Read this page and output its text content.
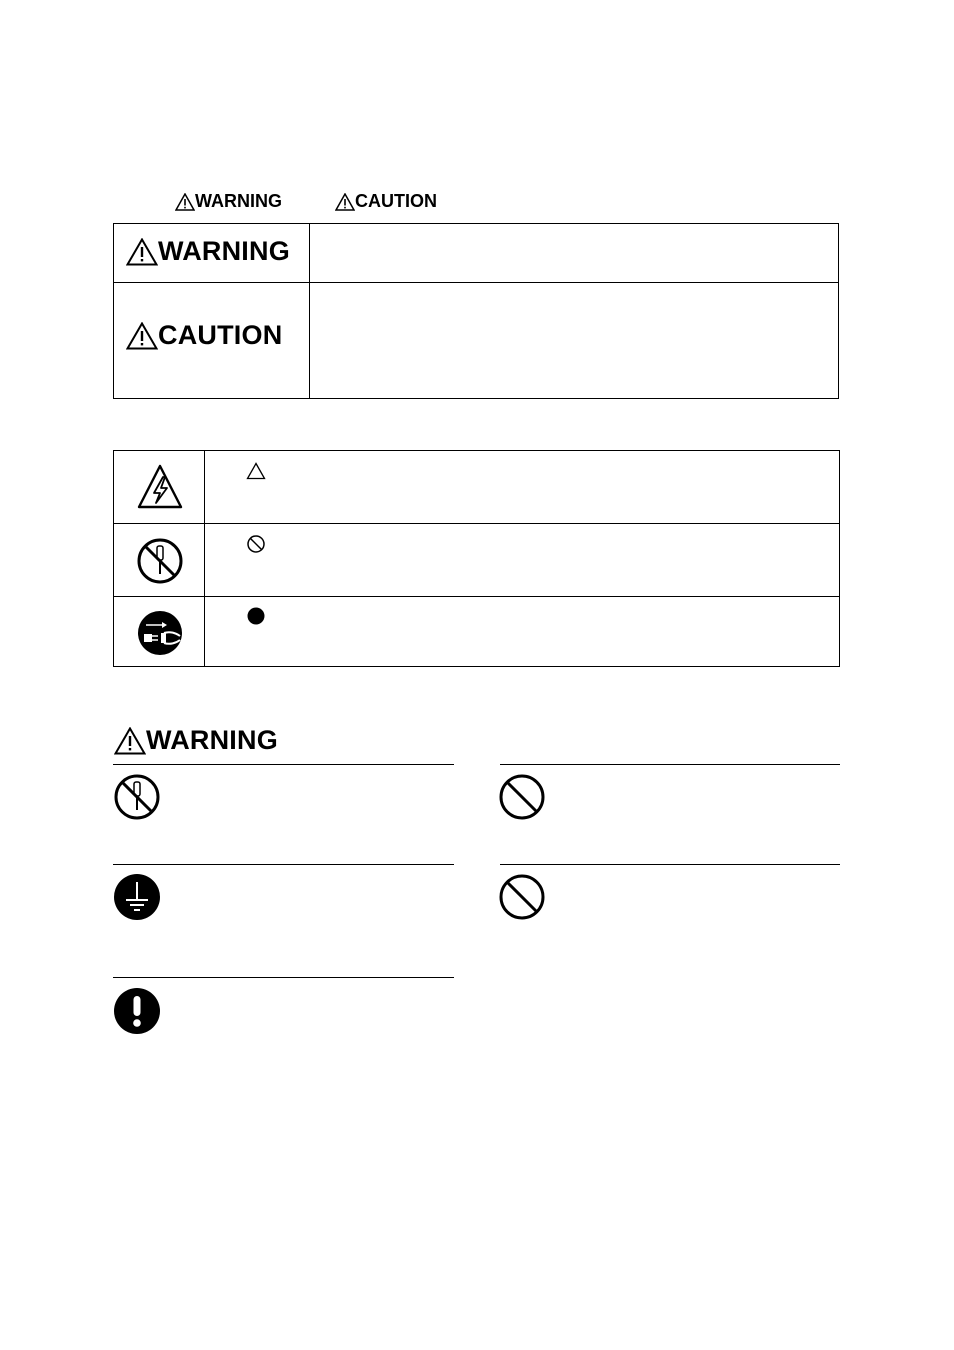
WARNING	CAUTION
WARNING
CAUTION
WARNING
